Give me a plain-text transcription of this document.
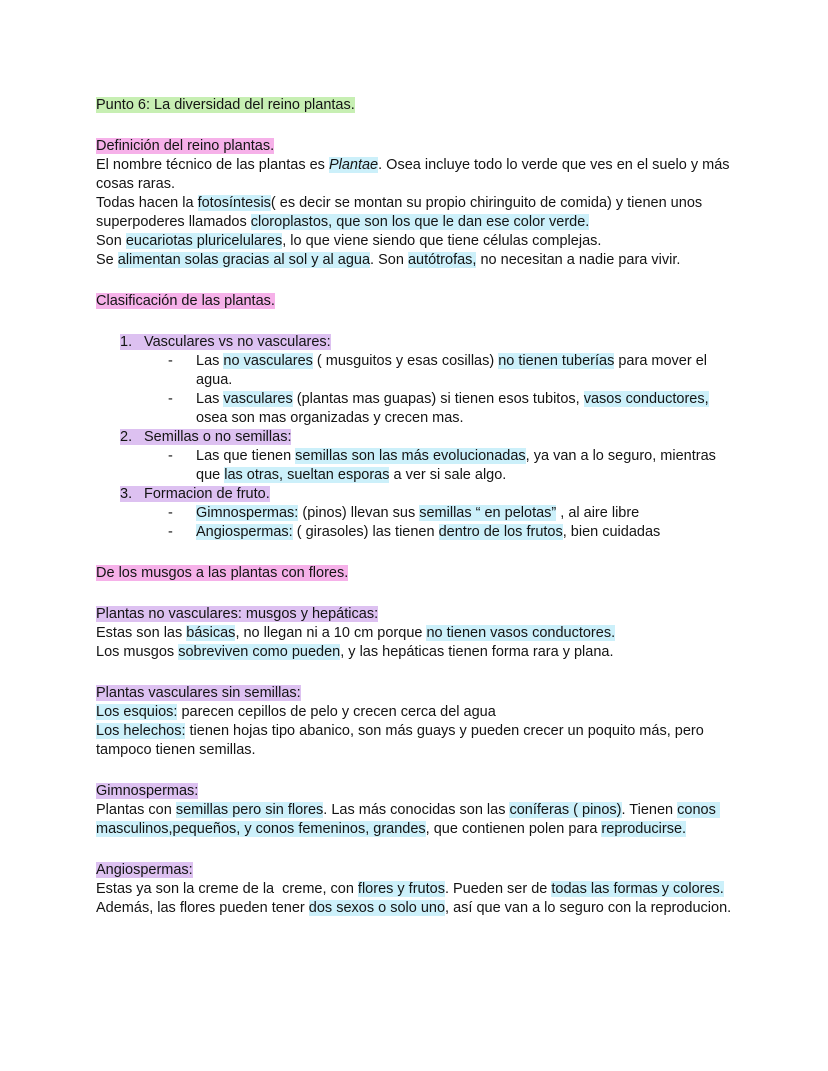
Punto 6: La diversidad del reino plantas.
Definición del reino plantas.
El nombre técnico de las plantas es Plantae. Osea incluye todo lo verde que ves en el suelo y más cosas raras.
Todas hacen la fotosíntesis( es decir se montan su propio chiringuito de comida) y tienen unos superpoderes llamados cloroplastos, que son los que le dan ese color verde.
Son eucariotas pluricelulares, lo que viene siendo que tiene células complejas.
Se alimentan solas gracias al sol y al agua. Son autótrofas, no necesitan a nadie para vivir.
Clasificación de las plantas.
1. Vasculares vs no vasculares:
- Las no vasculares ( musguitos y esas cosillas) no tienen tuberías para mover el agua.
- Las vasculares (plantas mas guapas) si tienen esos tubitos, vasos conductores, osea son mas organizadas y crecen mas.
2. Semillas o no semillas:
- Las que tienen semillas son las más evolucionadas, ya van a lo seguro, mientras que las otras, sueltan esporas a ver si sale algo.
3. Formacion de fruto.
- Gimnospermas: (pinos) llevan sus semillas “ en pelotas” , al aire libre
- Angiospermas: ( girasoles) las tienen dentro de los frutos, bien cuidadas
De los musgos a las plantas con flores.
Plantas no vasculares: musgos y hepáticas:
Estas son las básicas, no llegan ni a 10 cm porque no tienen vasos conductores.
Los musgos sobreviven como pueden, y las hepáticas tienen forma rara y plana.
Plantas vasculares sin semillas:
Los esquios: parecen cepillos de pelo y crecen cerca del agua
Los helechos: tienen hojas tipo abanico, son más guays y pueden crecer un poquito más, pero tampoco tienen semillas.
Gimnospermas:
Plantas con semillas pero sin flores. Las más conocidas son las coníferas ( pinos). Tienen conos masculinos,pequeños, y conos femeninos, grandes, que contienen polen para reproducirse.
Angiospermas:
Estas ya son la creme de la  creme, con flores y frutos. Pueden ser de todas las formas y colores. Además, las flores pueden tener dos sexos o solo uno, así que van a lo seguro con la reproducion.
